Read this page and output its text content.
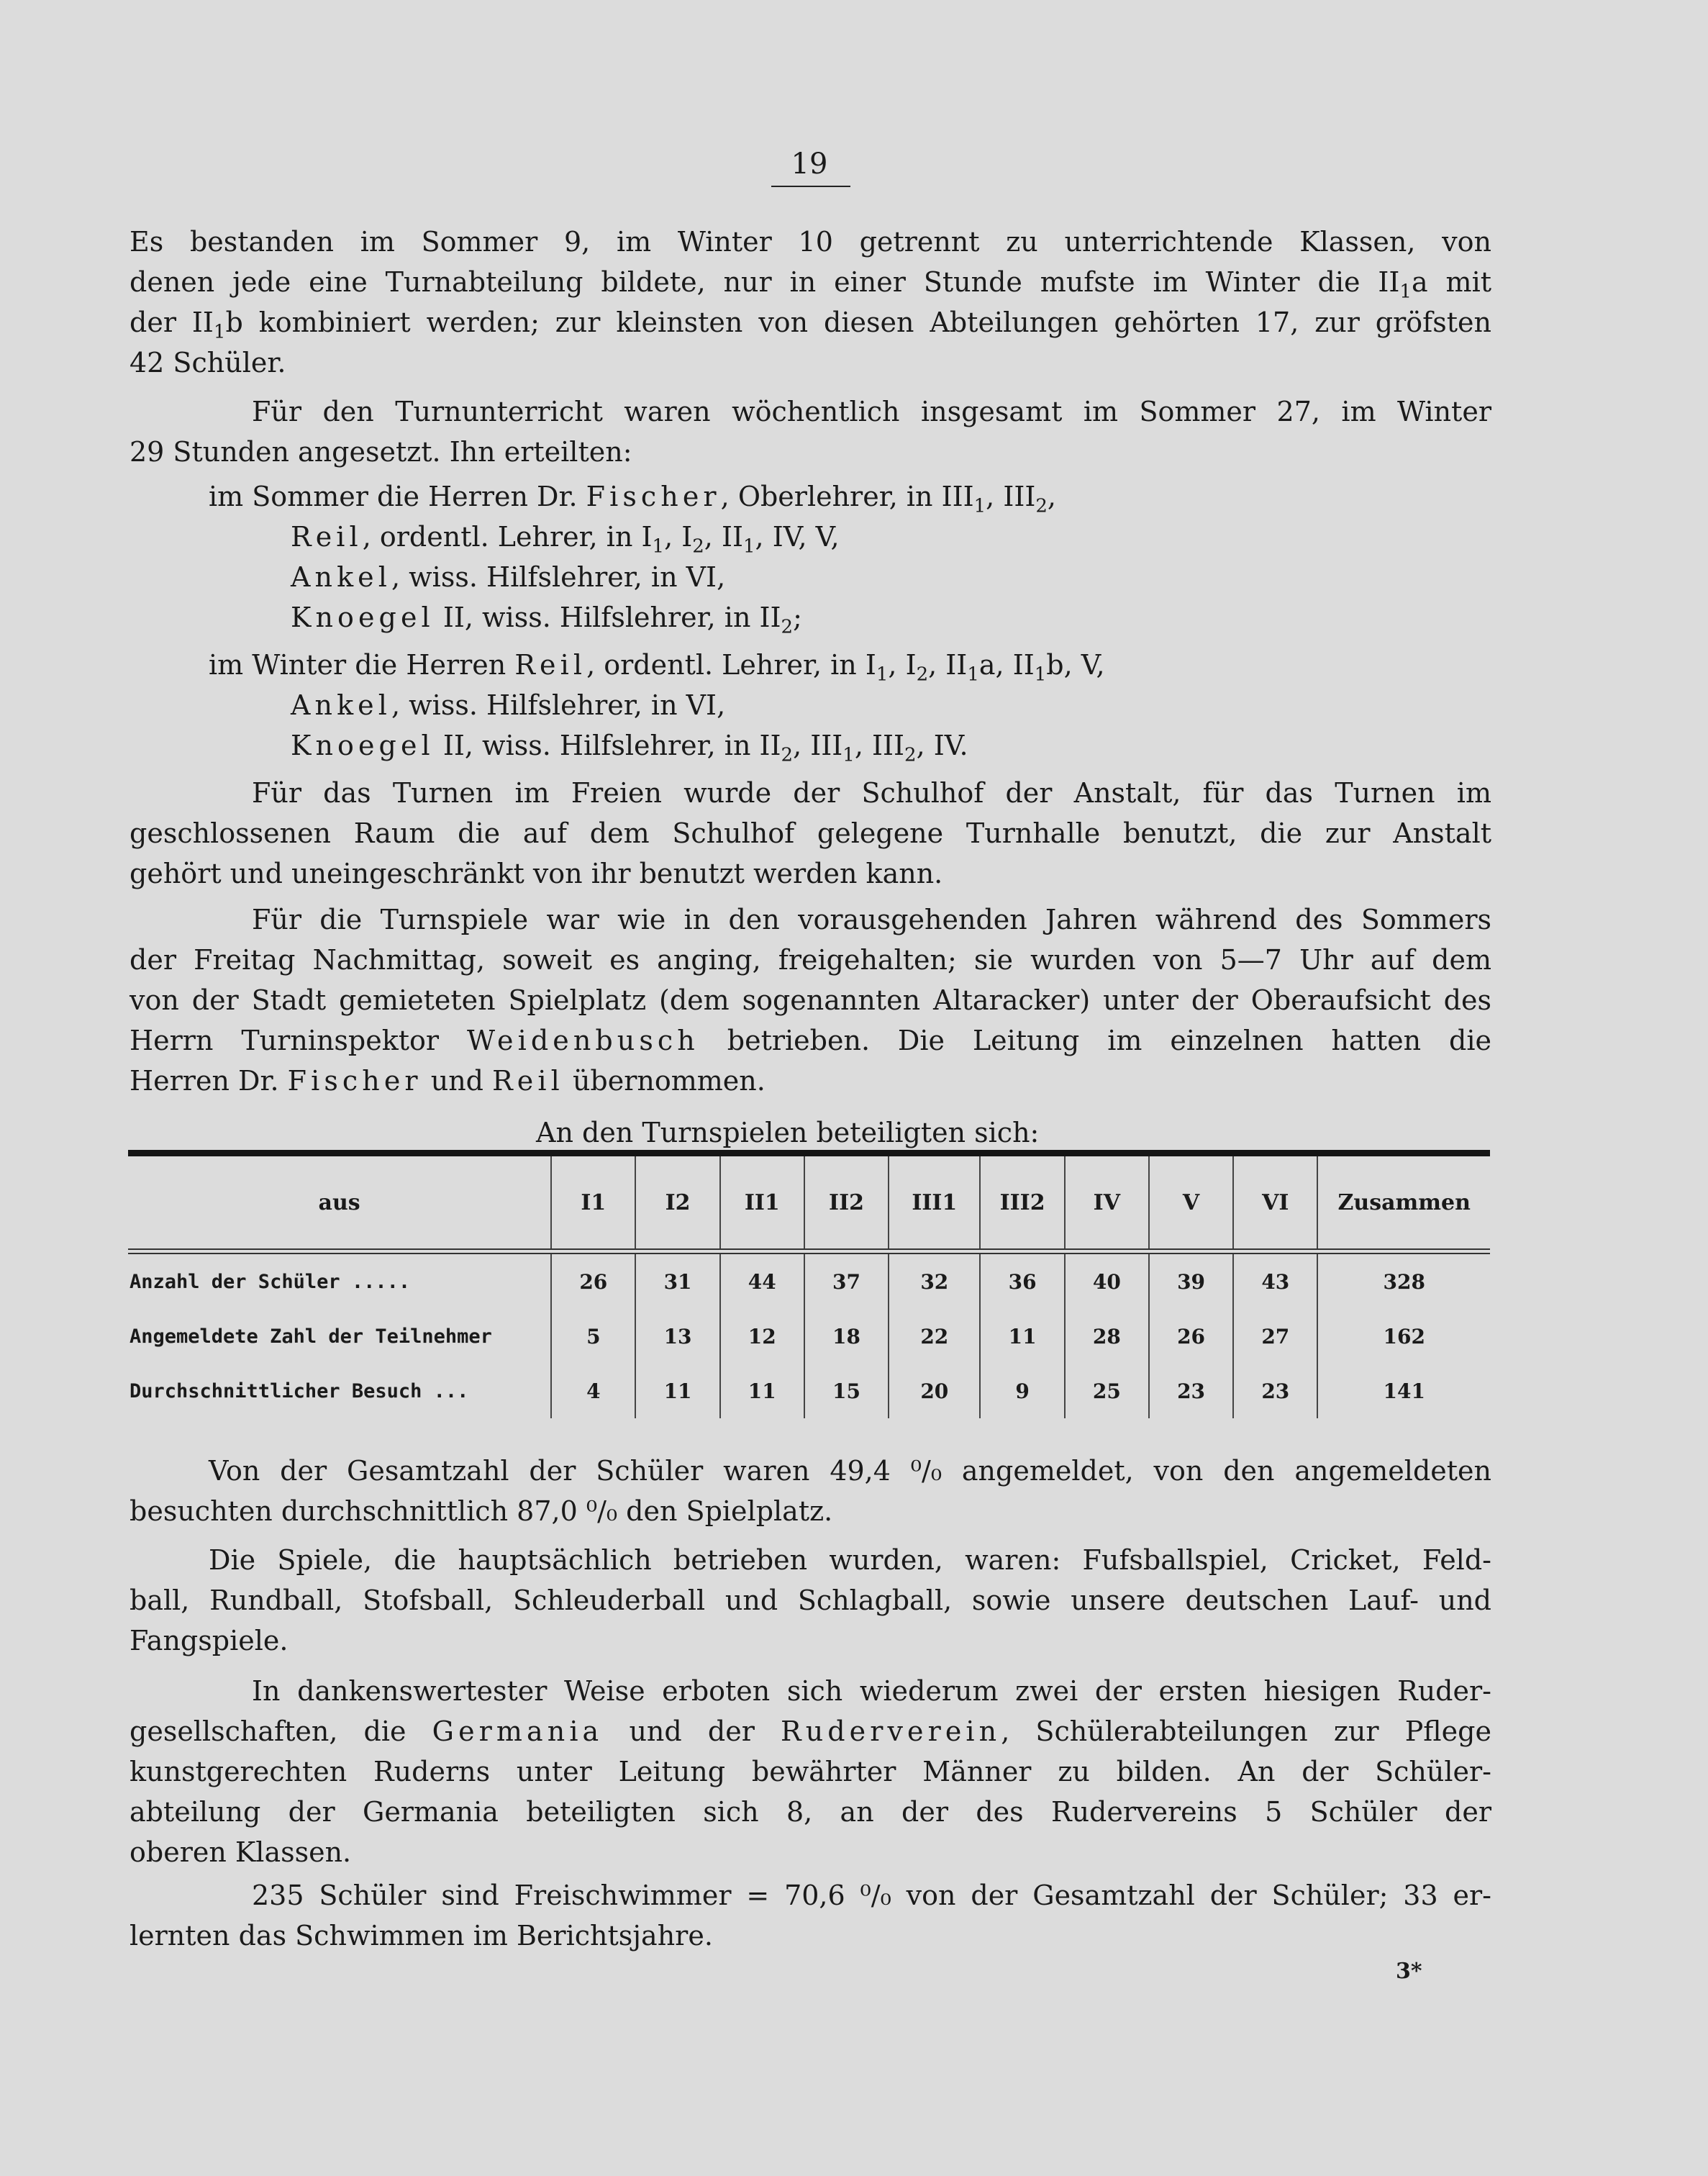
19
Es bestanden im Sommer 9, im Winter 10 getrennt zu unterrichtende Klassen, von
denen jede eine Turnabteilung bildete, nur in einer Stunde mufste im Winter die $II_1a$ mit
der $II_1b$ kombiniert werden; zur kleinsten von diesen Abteilungen gehörten 17, zur gröfsten
42 Schüler.
Für den Turnunterricht waren wöchentlich insgesamt im Sommer 27, im Winter
29 Stunden angesetzt. Ihn erteilten:
im Sommer die Herren Dr. Fischer, Oberlehrer, in $III_1$, $III_2$,
Reil, ordentl. Lehrer, in $I_1$, $I_2$, $II_1$, IV, V,
Ankel, wiss. Hilfslehrer, in VI,
Knoegel II, wiss. Hilfslehrer, in $II_2$;
im Winter die Herren Reil, ordentl. Lehrer, in $I_1$, $I_2$, $II_1a$, $II_1b$, V,
Ankel, wiss. Hilfslehrer, in VI,
Knoegel II, wiss. Hilfslehrer, in $II_2$, $III_1$, $III_2$, IV.
Für das Turnen im Freien wurde der Schulhof der Anstalt, für das Turnen im
geschlossenen Raum die auf dem Schulhof gelegene Turnhalle benutzt, die zur Anstalt
gehört und uneingeschränkt von ihr benutzt werden kann.
Für die Turnspiele war wie in den vorausgehenden Jahren während des Sommers
der Freitag Nachmittag, soweit es anging, freigehalten; sie wurden von 5—7 Uhr auf dem
von der Stadt gemieteten Spielplatz (dem sogenannten Altaracker) unter der Oberaufsicht des
Herrn Turninspektor Weidenbusch betrieben. Die Leitung im einzelnen hatten die
Herren Dr. Fischer und Reil übernommen.
An den Turnspielen beteiligten sich:
aus	I1	I2	II1	II2	III1	III2	IV	V	VI	Zusammen

Anzahl der Schüler .....	26	31	44	37	32	36	40	39	43	328
Angemeldete Zahl der Teilnehmer	5	13	12	18	22	11	28	26	27	162
Durchschnittlicher Besuch ...	4	11	11	15	20	9	25	23	23	141
Von der Gesamtzahl der Schüler waren 49,4 ⁰/₀ angemeldet, von den angemeldeten
besuchten durchschnittlich 87,0 ⁰/₀ den Spielplatz.
Die Spiele, die hauptsächlich betrieben wurden, waren: Fufsballspiel, Cricket, Feld-
ball, Rundball, Stofsball, Schleuderball und Schlagball, sowie unsere deutschen Lauf- und
Fangspiele.
In dankenswertester Weise erboten sich wiederum zwei der ersten hiesigen Ruder-
gesellschaften, die Germania und der Ruderverein, Schülerabteilungen zur Pflege
kunstgerechten Ruderns unter Leitung bewährter Männer zu bilden. An der Schüler-
abteilung der Germania beteiligten sich 8, an der des Rudervereins 5 Schüler der
oberen Klassen.
235 Schüler sind Freischwimmer = 70,6 ⁰/₀ von der Gesamtzahl der Schüler; 33 er-
lernten das Schwimmen im Berichtsjahre.
3*
